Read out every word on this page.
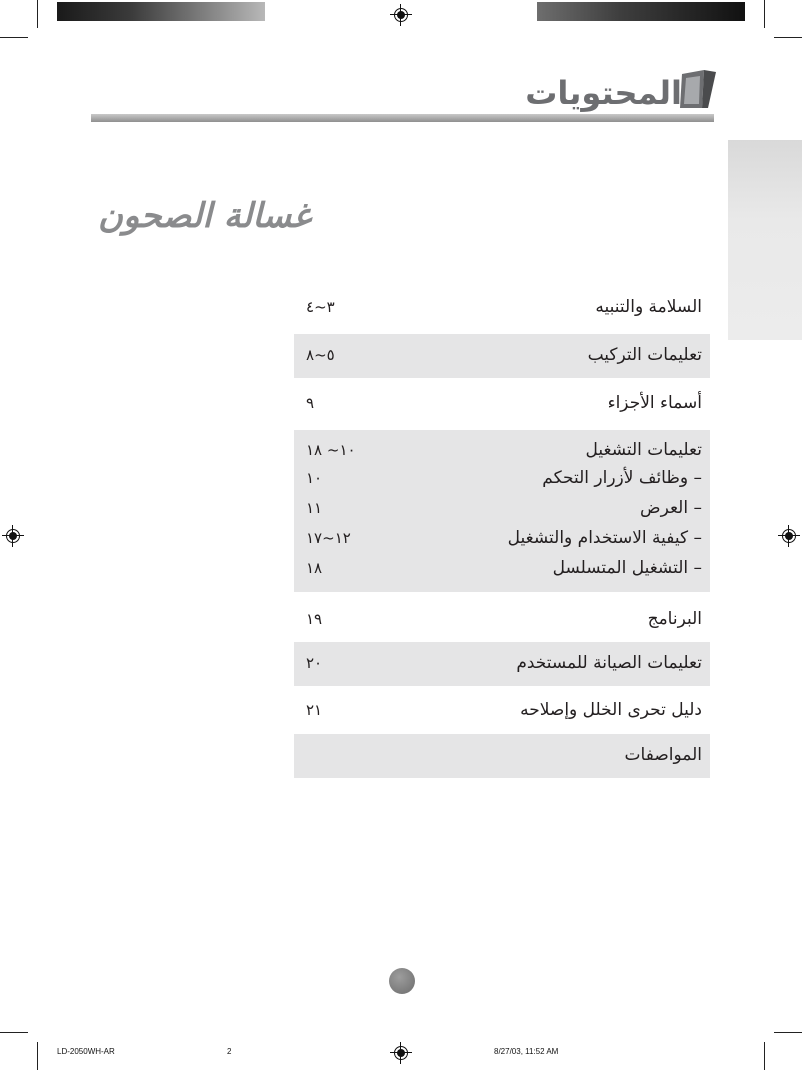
المحتويات
غسالة الصحون
السلامة والتنبيه
٣~٤
تعليمات التركيب
٥~٨
أسماء الأجزاء
٩
تعليمات التشغيل
١٠~ ١٨
– وظائف لأزرار التحكم
١٠
– العرض
١١
– كيفية الاستخدام والتشغيل
١٢~١٧
– التشغيل المتسلسل
١٨
البرنامج
١٩
تعليمات الصيانة للمستخدم
٢٠
دليل تحرى الخلل وإصلاحه
٢١
المواصفات
LD-2050WH-AR	2	8/27/03, 11:52 AM
